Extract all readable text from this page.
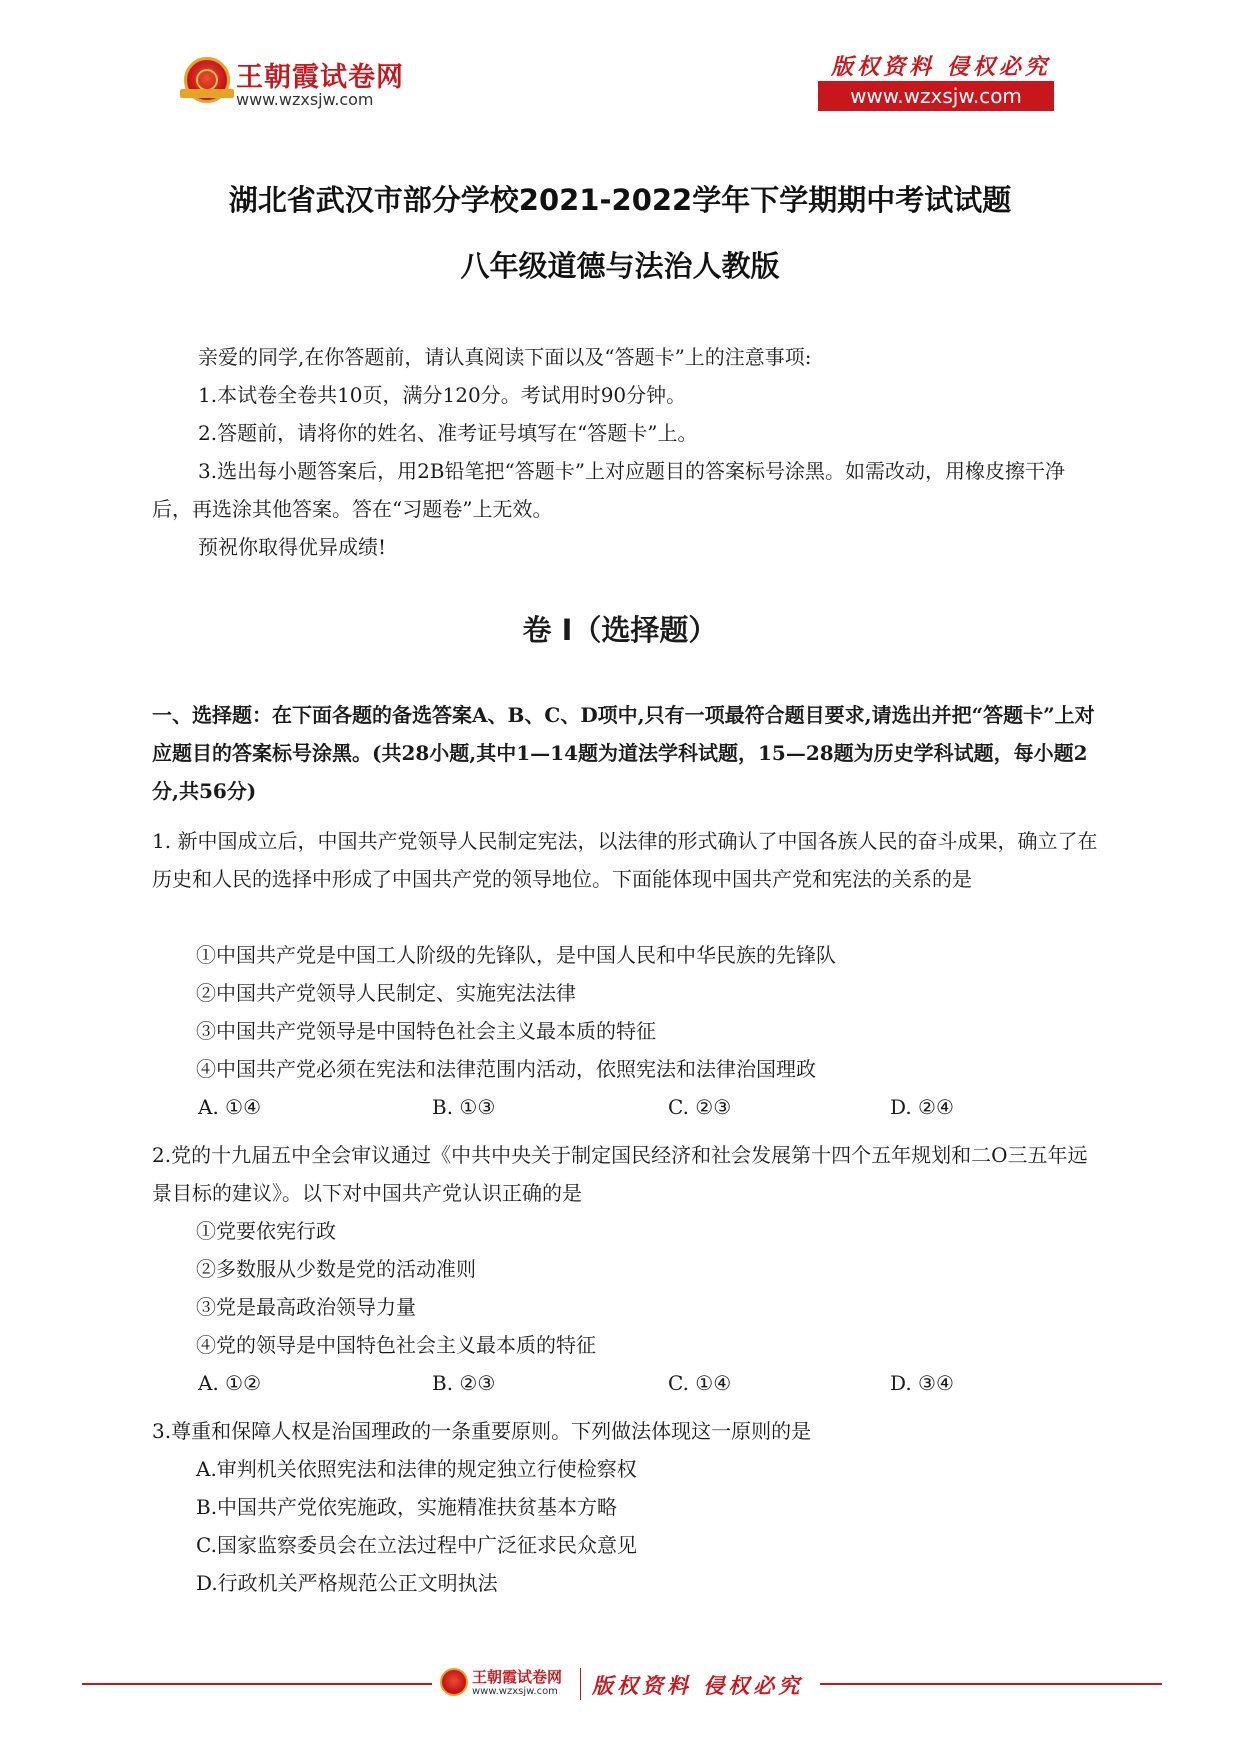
王朝霞试卷网
www.wzxsjw.com
版权资料 侵权必究
www.wzxsjw.com
湖北省武汉市部分学校2021-2022学年下学期期中考试试题
八年级道德与法治人教版

亲爱的同学,在你答题前，请认真阅读下面以及“答题卡”上的注意事项:

1.本试卷全卷共10页，满分120分。考试用时90分钟。

2.答题前，请将你的姓名、准考证号填写在“答题卡”上。

3.选出每小题答案后，用2B铅笔把“答题卡”上对应题目的答案标号涂黑。如需改动，用橡皮擦干净后，再选涂其他答案。答在“习题卷”上无效。

预祝你取得优异成绩!

卷 I（选择题）

一、选择题：在下面各题的备选答案A、B、C、D项中,只有一项最符合题目要求,请选出并把“答题卡”上对应题目的答案标号涂黑。(共28小题,其中1—14题为道法学科试题，15—28题为历史学科试题，每小题2分,共56分)

1. 新中国成立后，中国共产党领导人民制定宪法，以法律的形式确认了中国各族人民的奋斗成果，确立了在历史和人民的选择中形成了中国共产党的领导地位。下面能体现中国共产党和宪法的关系的是

①中国共产党是中国工人阶级的先锋队，是中国人民和中华民族的先锋队
②中国共产党领导人民制定、实施宪法法律
③中国共产党领导是中国特色社会主义最本质的特征
④中国共产党必须在宪法和法律范围内活动，依照宪法和法律治国理政
A. ①④	B. ①③	C. ②③	D. ②④

2.党的十九届五中全会审议通过《中共中央关于制定国民经济和社会发展第十四个五年规划和二O三五年远景目标的建议》。以下对中国共产党认识正确的是

①党要依宪行政
②多数服从少数是党的活动准则
③党是最高政治领导力量
④党的领导是中国特色社会主义最本质的特征
A. ①②	B. ②③	C. ①④	D. ③④

3.尊重和保障人权是治国理政的一条重要原则。下列做法体现这一原则的是

A.审判机关依照宪法和法律的规定独立行使检察权
B.中国共产党依宪施政，实施精准扶贫基本方略
C.国家监察委员会在立法过程中广泛征求民众意见
D.行政机关严格规范公正文明执法
王朝霞试卷网
www.wzxsjw.com 版权资料 侵权必究
